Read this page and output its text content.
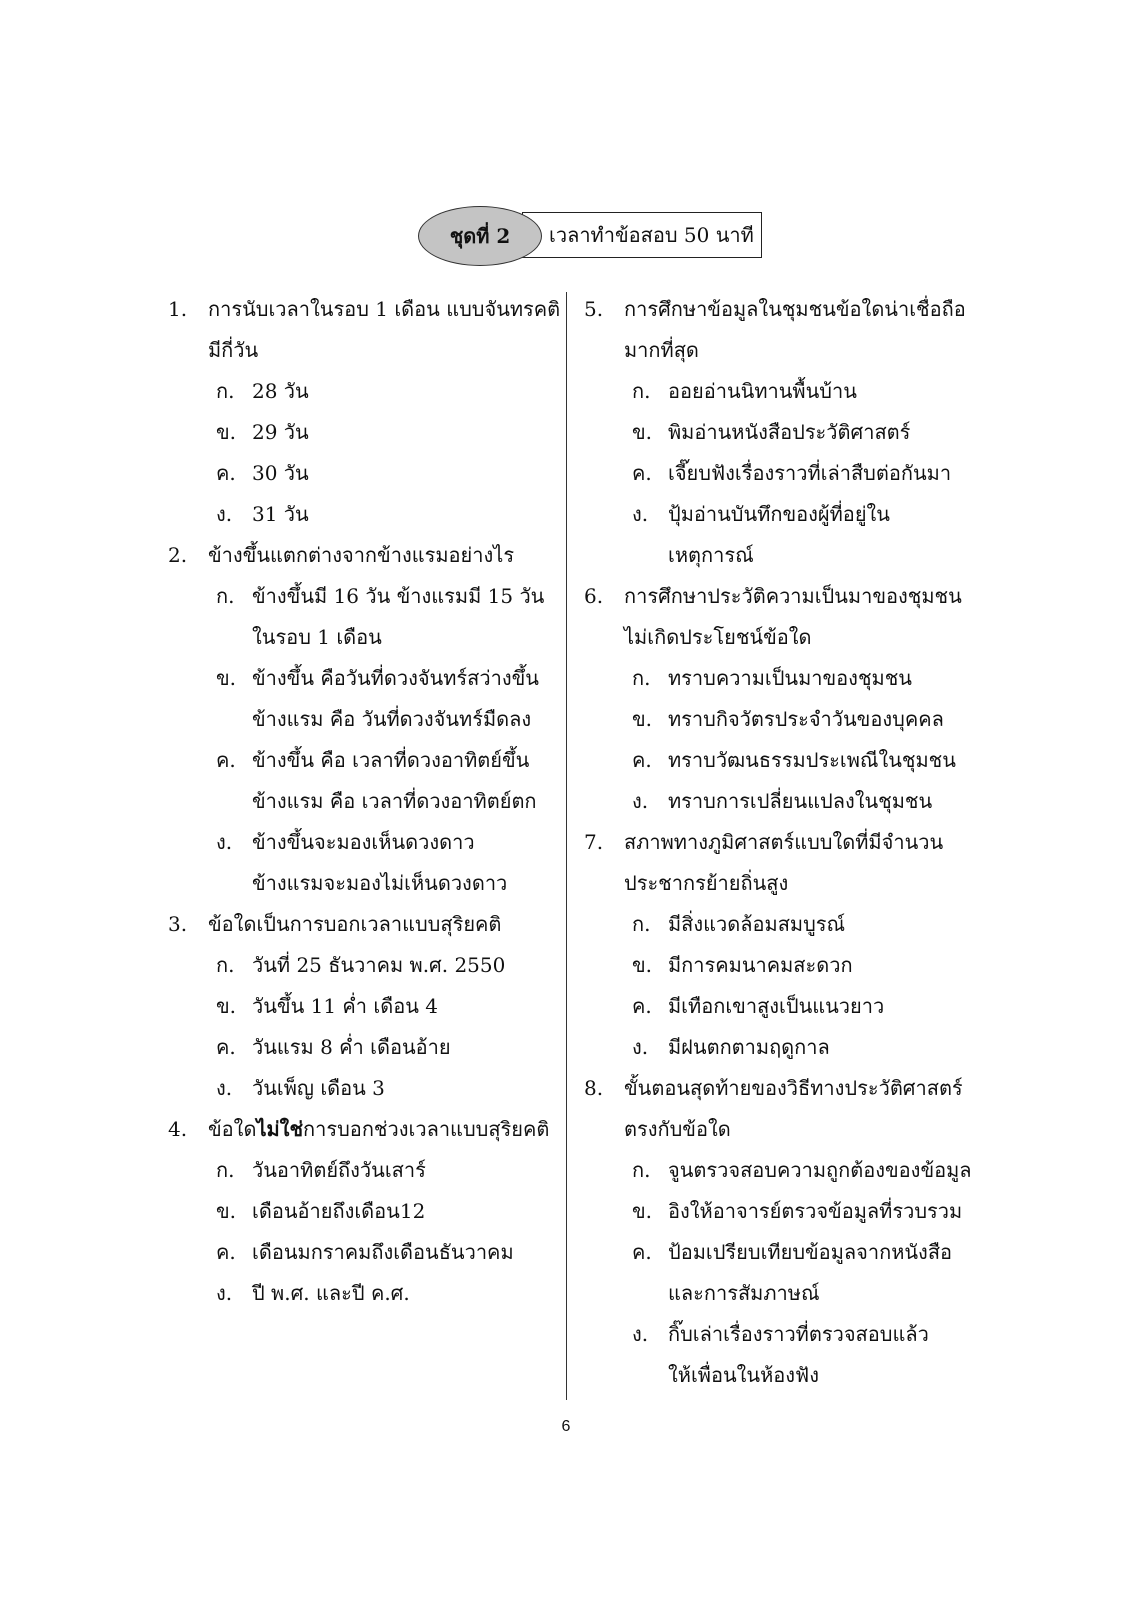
เวลาทำข้อสอบ 50 นาที
ชุดที่ 2
1.	การนับเวลาในรอบ 1 เดือน แบบจันทรคติ
มีกี่วัน
ก. 28 วัน
ข. 29 วัน
ค. 30 วัน
ง. 31 วัน
2.	ข้างขึ้นแตกต่างจากข้างแรมอย่างไร
ก. ข้างขึ้นมี 16 วัน ข้างแรมมี 15 วัน
ในรอบ 1 เดือน
ข. ข้างขึ้น คือวันที่ดวงจันทร์สว่างขึ้น
ข้างแรม คือ วันที่ดวงจันทร์มืดลง
ค. ข้างขึ้น คือ เวลาที่ดวงอาทิตย์ขึ้น
ข้างแรม คือ เวลาที่ดวงอาทิตย์ตก
ง. ข้างขึ้นจะมองเห็นดวงดาว
ข้างแรมจะมองไม่เห็นดวงดาว
3.	ข้อใดเป็นการบอกเวลาแบบสุริยคติ
ก. วันที่ 25 ธันวาคม พ.ศ. 2550
ข. วันขึ้น 11 ค่ำ เดือน 4
ค. วันแรม 8 ค่ำ เดือนอ้าย
ง. วันเพ็ญ เดือน 3
4.	ข้อใดไม่ใช่การบอกช่วงเวลาแบบสุริยคติ
ก. วันอาทิตย์ถึงวันเสาร์
ข. เดือนอ้ายถึงเดือน12
ค. เดือนมกราคมถึงเดือนธันวาคม
ง. ปี พ.ศ. และปี ค.ศ.
5.	การศึกษาข้อมูลในชุมชนข้อใดน่าเชื่อถือ
มากที่สุด
ก. ออยอ่านนิทานพื้นบ้าน
ข. พิมอ่านหนังสือประวัติศาสตร์
ค. เจี๊ยบฟังเรื่องราวที่เล่าสืบต่อกันมา
ง. ปุ้มอ่านบันทึกของผู้ที่อยู่ใน
เหตุการณ์
6.	การศึกษาประวัติความเป็นมาของชุมชน
ไม่เกิดประโยชน์ข้อใด
ก. ทราบความเป็นมาของชุมชน
ข. ทราบกิจวัตรประจำวันของบุคคล
ค. ทราบวัฒนธรรมประเพณีในชุมชน
ง. ทราบการเปลี่ยนแปลงในชุมชน
7.	สภาพทางภูมิศาสตร์แบบใดที่มีจำนวน
ประชากรย้ายถิ่นสูง
ก. มีสิ่งแวดล้อมสมบูรณ์
ข. มีการคมนาคมสะดวก
ค. มีเทือกเขาสูงเป็นแนวยาว
ง. มีฝนตกตามฤดูกาล
8.	ขั้นตอนสุดท้ายของวิธีทางประวัติศาสตร์
ตรงกับข้อใด
ก. จูนตรวจสอบความถูกต้องของข้อมูล
ข. อิงให้อาจารย์ตรวจข้อมูลที่รวบรวม
ค. ป้อมเปรียบเทียบข้อมูลจากหนังสือ
และการสัมภาษณ์
ง. กิ๊บเล่าเรื่องราวที่ตรวจสอบแล้ว
ให้เพื่อนในห้องฟัง
6
